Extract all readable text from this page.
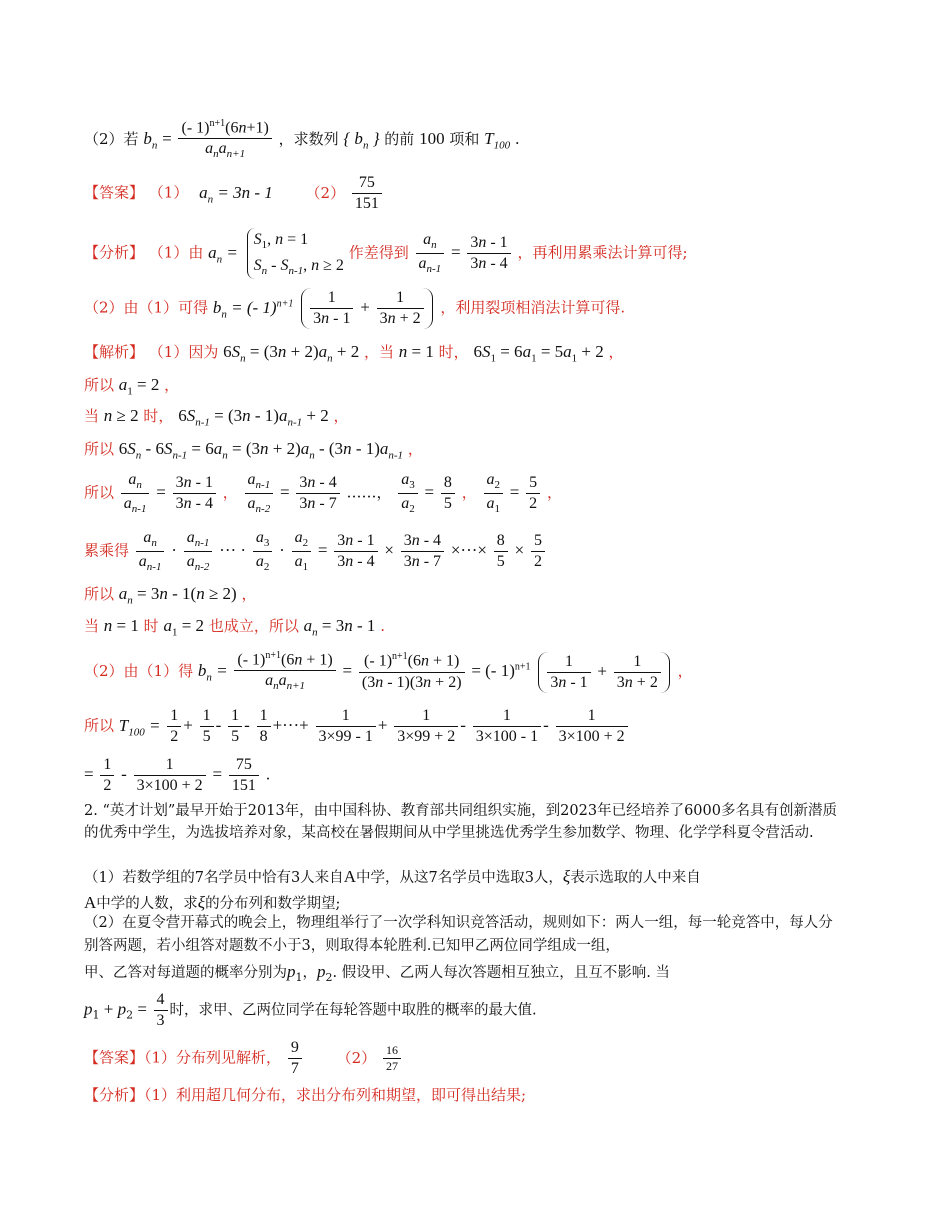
（2）若 $b_n = \frac{(- 1)^{n+1}(6n+1)}{a_na_{n+1}}$ ，求数列 { $b_n$ } 的前 100 项和 $T_{100}$ .
【答案】 （1） $a_n = 3n - 1$ $(2) \frac{75}{151}$
【分析】 （1）由 $a_n = S_1$, n = 1
$S_n - S_{n-1}$, n ≥ 2 作差得到 $\frac{a_n}{a_{n-1}} = \frac{3n - 1}{3n - 4}$ ，再利用累乘法计算可得;
（2）由（1）可得 $b_n$ = (- $1)^{n+1} \frac{1}{3n - 1} + \frac{1}{3n + 2}$ ，利用裂项相消法计算可得.
【解析】 （1）因为 $6S_n = (3n + 2)a_n + 2$ ，当 n = 1 时， $6S_1 = 6a_1 = 5a_1 + 2$ ，
所以 $a_1 = 2$ ，
当 n ≥ 2 时， $6S_{n-1} = (3n - 1)a_{n-1} + 2$ ，
所以 $6S_n - 6S_{n-1} = 6a_n = (3n + 2)a_n - (3n - 1)a_{n-1}$ ，
所以 $\frac{a_n}{a_{n-1}} = \frac{3n - 1}{3n - 4}$ ， $\frac{a_{n-1}}{a_{n-2}} = \frac{3n - 4}{3n - 7}$ ……， $\frac{a_3}{a_2} = \frac{8}{5}$ ， $\frac{a_2}{a_1} = \frac{5}{2}$ ，
累乘得 $\frac{a_n}{a_{n-1}} \cdot \frac{a_{n-1}}{a_{n-2}}$ ··· · $\frac{a_3}{a_2} \cdot \frac{a_2}{a_1} = \frac{3n - 1}{3n - 4} \times \frac{3n - 4}{3n - 7}$ ×···× $\frac{8}{5} \times \frac{5}{2}$
所以 $a_n = 3n - 1(n \ge 2)$ ，
当 n = 1 时 $a_1 = 2$ 也成立，所以 $a_n = 3n - 1$ .
（2）由（1）得 $b_n = \frac{(- 1)^{n+1}(6n + 1)}{a_na_{n+1}} = \frac{(- 1)^{n+1}(6n + 1)}{(3n - 1)(3n + 2)}$ = (- $1)^{n+1} \frac{1}{3n - 1} + \frac{1}{3n + 2}$ ，
所以 $T_{100} = \frac{1}{2} + \frac{1}{5} - \frac{1}{5} - \frac{1}{8}$ +···+ $\frac{1}{3\times 99 - 1} + \frac{1}{3\times 99 + 2} - \frac{1}{3\times 100 - 1} - \frac{1}{3\times 100 + 2}$
= $\frac{1}{2} - \frac{1}{3\times 100 + 2} = \frac{75}{151}$ .
2. “英才计划”最早开始于2013年，由中国科协、教育部共同组织实施，到2023年已经培养了6000多名具有创新潜质的优秀中学生，为选拔培养对象，某高校在暑假期间从中学里挑选优秀学生参加数学、物理、化学学科夏令营活动.
（1）若数学组的7名学员中恰有3人来自A中学，从这7名学员中选取3人，ξ表示选取的人中来自
A中学的人数，求ξ的分布列和数学期望;
（2）在夏令营开幕式的晚会上，物理组举行了一次学科知识竞答活动，规则如下：两人一组，每一轮竞答中，每人分别答两题，若小组答对题数不小于3，则取得本轮胜利.已知甲乙两位同学组成一组，
甲、乙答对每道题的概率分别为$p_1$，$p_2$. 假设甲、乙两人每次答题相互独立，且互不影响. 当
$p_1 + p_2 = \frac{4}{3}$ 时，求甲、乙两位同学在每轮答题中取胜的概率的最大值.
【答案】（1）分布列见解析， $\frac{9}{7} (2) \frac{16}{27}$
【分析】（1）利用超几何分布，求出分布列和期望，即可得出结果;
